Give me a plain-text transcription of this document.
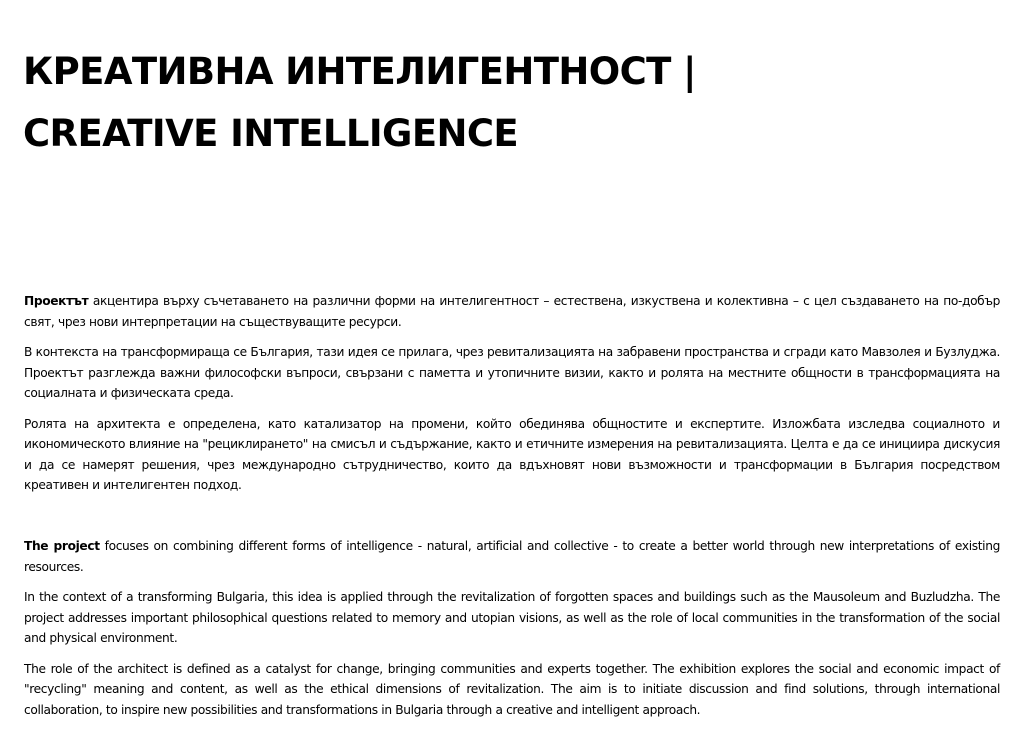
КРЕАТИВНА ИНТЕЛИГЕНТНОСТ |
CREATIVE INTELLIGENCE

Проектът акцентира върху съчетаването на различни форми на интелигентност – естествена, изкуствена и колективна – с цел създаването на по-добър свят, чрез нови интерпретации на съществуващите ресурси.

В контекста на трансформираща се България, тази идея се прилага, чрез ревитализацията на забравени пространства и сгради като Мавзолея и Бузлуджа. Проектът разглежда важни философски въпроси, свързани с паметта и утопичните визии, както и ролята на местните общности в трансформацията на социалната и физическата среда.

Ролята на архитекта е определена, като катализатор на промени, който обединява общностите и експертите. Изложбата изследва социалното и икономическото влияние на "рециклирането" на смисъл и съдържание, както и етичните измерения на ревитализацията. Целта е да се инициира дискусия и да се намерят решения, чрез международно сътрудничество, които да вдъхновят нови възможности и трансформации в България посредством креативен и интелигентен подход.

The project focuses on combining different forms of intelligence - natural, artificial and collective - to create a better world through new interpretations of existing resources.

In the context of a transforming Bulgaria, this idea is applied through the revitalization of forgotten spaces and buildings such as the Mausoleum and Buzludzha. The project addresses important philosophical questions related to memory and utopian visions, as well as the role of local communities in the transformation of the social and physical environment.

The role of the architect is defined as a catalyst for change, bringing communities and experts together. The exhibition explores the social and economic impact of "recycling" meaning and content, as well as the ethical dimensions of revitalization. The aim is to initiate discussion and find solutions, through international collaboration, to inspire new possibilities and transformations in Bulgaria through a creative and intelligent approach.
